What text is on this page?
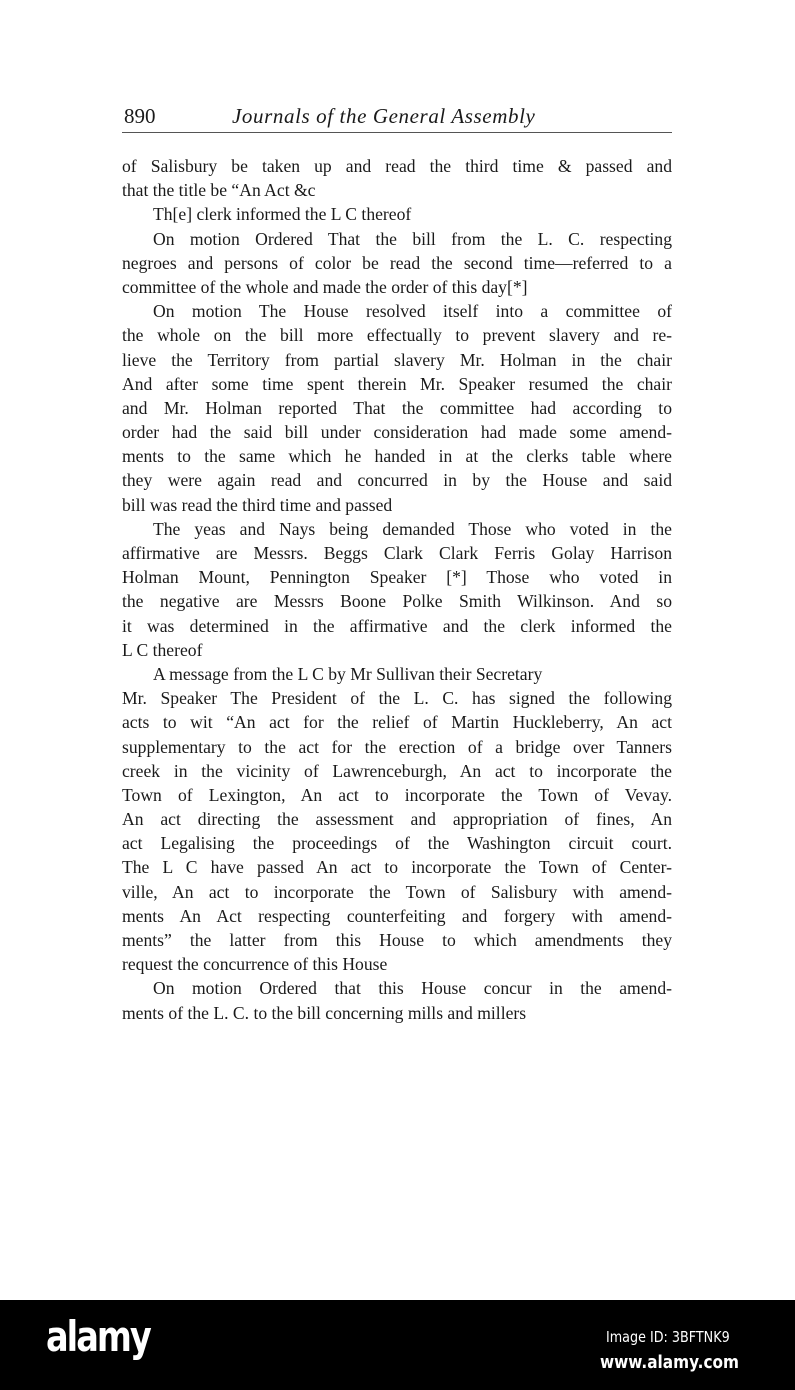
890	Journals of the General Assembly
of Salisbury be taken up and read the third time & passed and
that the title be “An Act &c
Th[e] clerk informed the L C thereof
On motion Ordered That the bill from the L. C. respecting
negroes and persons of color be read the second time—referred to a
committee of the whole and made the order of this day[*]
On motion The House resolved itself into a committee of
the whole on the bill more effectually to prevent slavery and re-
lieve the Territory from partial slavery Mr. Holman in the chair
And after some time spent therein Mr. Speaker resumed the chair
and Mr. Holman reported That the committee had according to
order had the said bill under consideration had made some amend-
ments to the same which he handed in at the clerks table where
they were again read and concurred in by the House and said
bill was read the third time and passed
The yeas and Nays being demanded Those who voted in the
affirmative are Messrs. Beggs Clark Clark Ferris Golay Harrison
Holman Mount, Pennington Speaker [*] Those who voted in
the negative are Messrs Boone Polke Smith Wilkinson. And so
it was determined in the affirmative and the clerk informed the
L C thereof
A message from the L C by Mr Sullivan their Secretary
Mr. Speaker The President of the L. C. has signed the following
acts to wit “An act for the relief of Martin Huckleberry, An act
supplementary to the act for the erection of a bridge over Tanners
creek in the vicinity of Lawrenceburgh, An act to incorporate the
Town of Lexington, An act to incorporate the Town of Vevay.
An act directing the assessment and appropriation of fines, An
act Legalising the proceedings of the Washington circuit court.
The L C have passed An act to incorporate the Town of Center-
ville, An act to incorporate the Town of Salisbury with amend-
ments An Act respecting counterfeiting and forgery with amend-
ments” the latter from this House to which amendments they
request the concurrence of this House
On motion Ordered that this House concur in the amend-
ments of the L. C. to the bill concerning mills and millers
alamy	Image ID: 3BFTNK9
www.alamy.com
